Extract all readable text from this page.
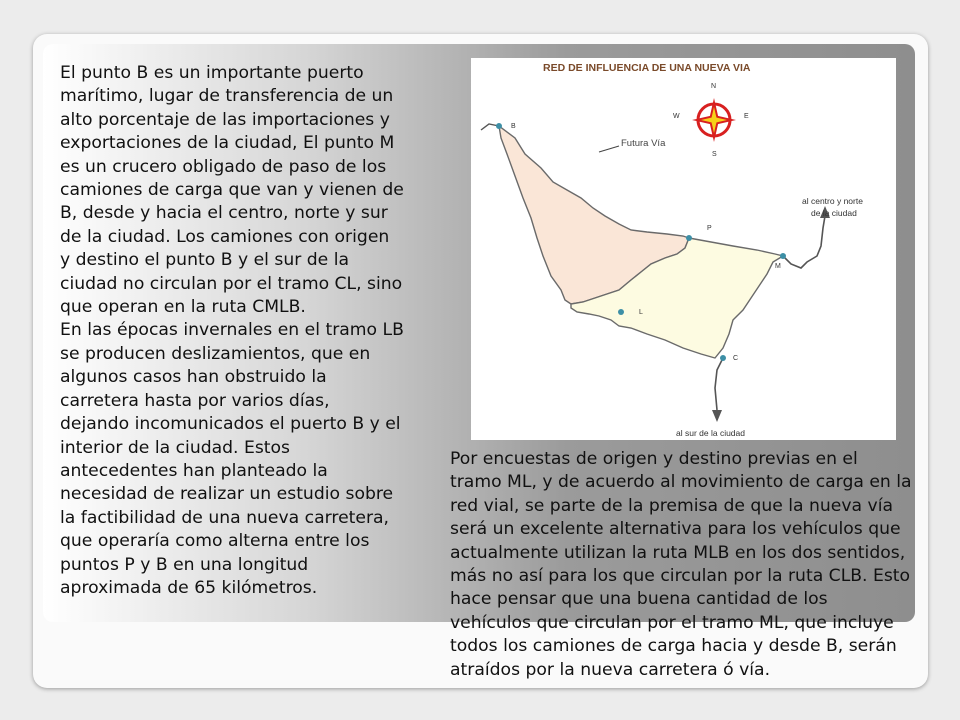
El punto B es un importante puerto
marítimo, lugar de transferencia de un
alto porcentaje de las importaciones y
exportaciones de la ciudad, El punto M
es un crucero obligado de paso de los
camiones de carga que van y vienen de
B, desde y hacia el centro, norte y sur
de la ciudad. Los camiones con origen
y destino el punto B y el sur de la
ciudad no circulan por el tramo CL, sino
que operan en la ruta CMLB.
En las épocas invernales en el tramo LB
se producen deslizamientos, que en
algunos casos han obstruido la
carretera hasta por varios días,
dejando incomunicados el puerto B y el
interior de la ciudad. Estos
antecedentes han planteado la
necesidad de realizar un estudio sobre
la factibilidad de una nueva carretera,
que operaría como alterna entre los
puntos P y B en una longitud
aproximada de 65 kilómetros.

Futura Vía
RED DE INFLUENCIA DE UNA NUEVA VIA
N
S
E
W
B
P
M
L
C
al centro y norte
de la ciudad
al sur de la ciudad

Por encuestas de origen y destino previas en el tramo ML, y de acuerdo al movimiento de carga en la red vial, se parte de la premisa de que la nueva vía será un excelente alternativa para los vehículos que actualmente utilizan la ruta MLB en los dos sentidos, más no así para los que circulan por la ruta CLB. Esto hace pensar que una buena cantidad de los vehículos que circulan por el tramo ML, que incluye todos los camiones de carga hacia y desde B, serán atraídos por la nueva carretera ó vía.
